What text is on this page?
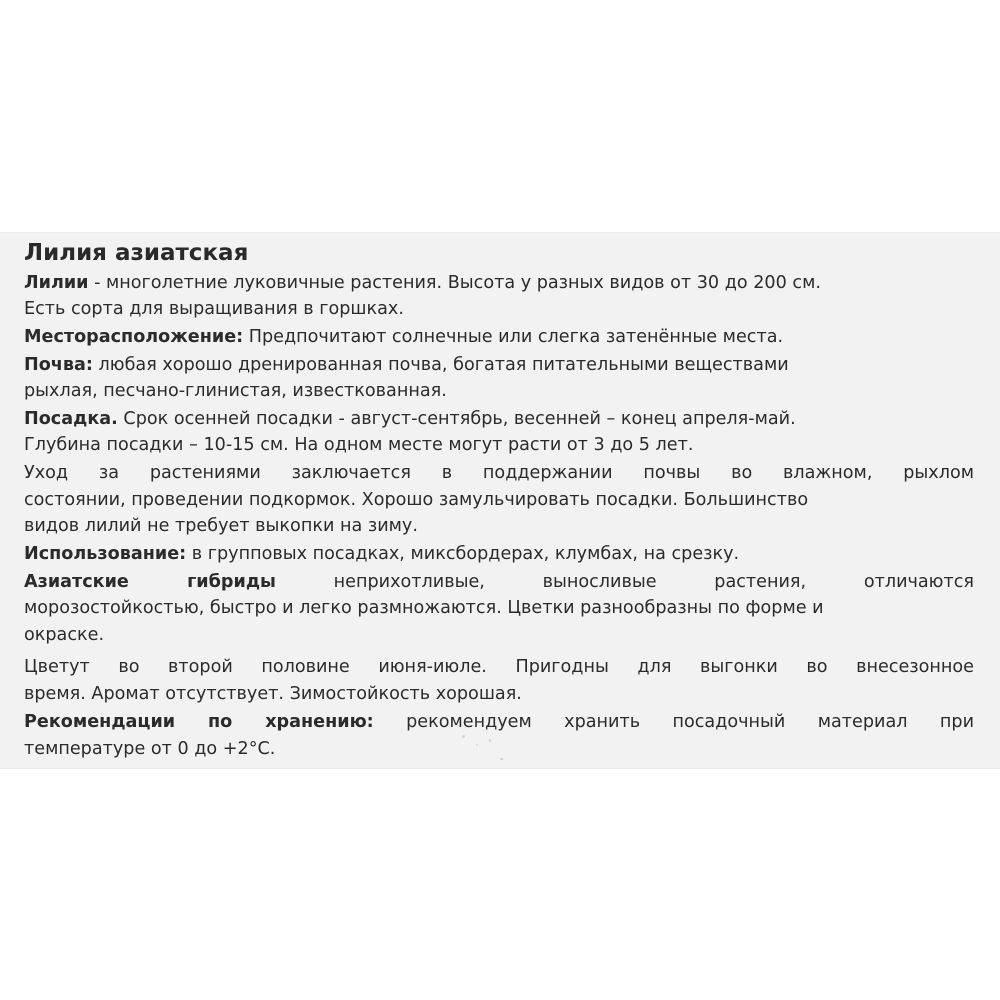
Лилия азиатская
Лилии - многолетние луковичные растения. Высота у разных видов от 30 до 200 см.
Есть сорта для выращивания в горшках.
Месторасположение: Предпочитают солнечные или слегка затенённые места.
Почва: любая хорошо дренированная почва, богатая питательными веществами
рыхлая, песчано-глинистая, известкованная.
Посадка. Срок осенней посадки - август-сентябрь, весенней – конец апреля-май.
Глубина посадки – 10-15 см. На одном месте могут расти от 3 до 5 лет.
Уход за растениями заключается в поддержании почвы во влажном, рыхлом
состоянии, проведении подкормок. Хорошо замульчировать посадки. Большинство
видов лилий не требует выкопки на зиму.
Использование: в групповых посадках, миксбордерах, клумбах, на срезку.
Азиатские гибриды неприхотливые, выносливые растения, отличаются
морозостойкостью, быстро и легко размножаются. Цветки разнообразны по форме и
окраске.
Цветут во второй половине июня-июле. Пригодны для выгонки во внесезонное
время. Аромат отсутствует. Зимостойкость хорошая.
Рекомендации по хранению: рекомендуем хранить посадочный материал при
температуре от 0 до +2°С.
